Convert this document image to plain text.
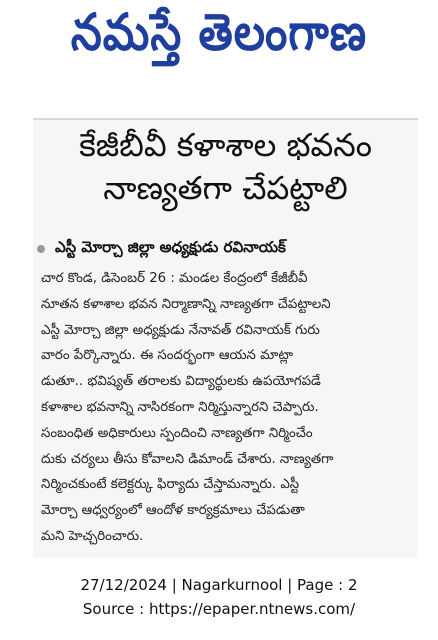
నమస్తే తెలంగాణ
కేజీబీవీ కళాశాల భవనం
నాణ్యతగా చేపట్టాలి
ఎస్టీ మోర్చా జిల్లా అధ్యక్షుడు రవినాయక్
చార కొండ, డిసెంబర్ 26 : మండల కేంద్రంలో కేజీబీవీ
నూతన కళాశాల భవన నిర్మాణాన్ని నాణ్యతగా చేపట్టాలని
ఎస్టీ మోర్చా జిల్లా అధ్యక్షుడు నేనావత్ రవినాయక్ గురు
వారం పేర్కొన్నారు. ఈ సందర్భంగా ఆయన మాట్లా
డుతూ.. భవిష్యత్ తరాలకు విద్యార్థులకు ఉపయోగపడే
కళాశాల భవనాన్ని నాసిరకంగా నిర్మిస్తున్నారని చెప్పారు.
సంబంధిత అధికారులు స్పందించి నాణ్యతగా నిర్మించేం
దుకు చర్యలు తీసు కోవాలని డిమాండ్ చేశారు. నాణ్యతగా
నిర్మించకుంటే కలెక్టర్కు ఫిర్యాదు చేస్తామన్నారు. ఎస్టీ
మోర్చా ఆధ్వర్యంలో ఆందోళ కార్యక్రమాలు చేపడుతా
మని హెచ్చరించారు.
27/12/2024 | Nagarkurnool | Page : 2
Source : https://epaper.ntnews.com/
